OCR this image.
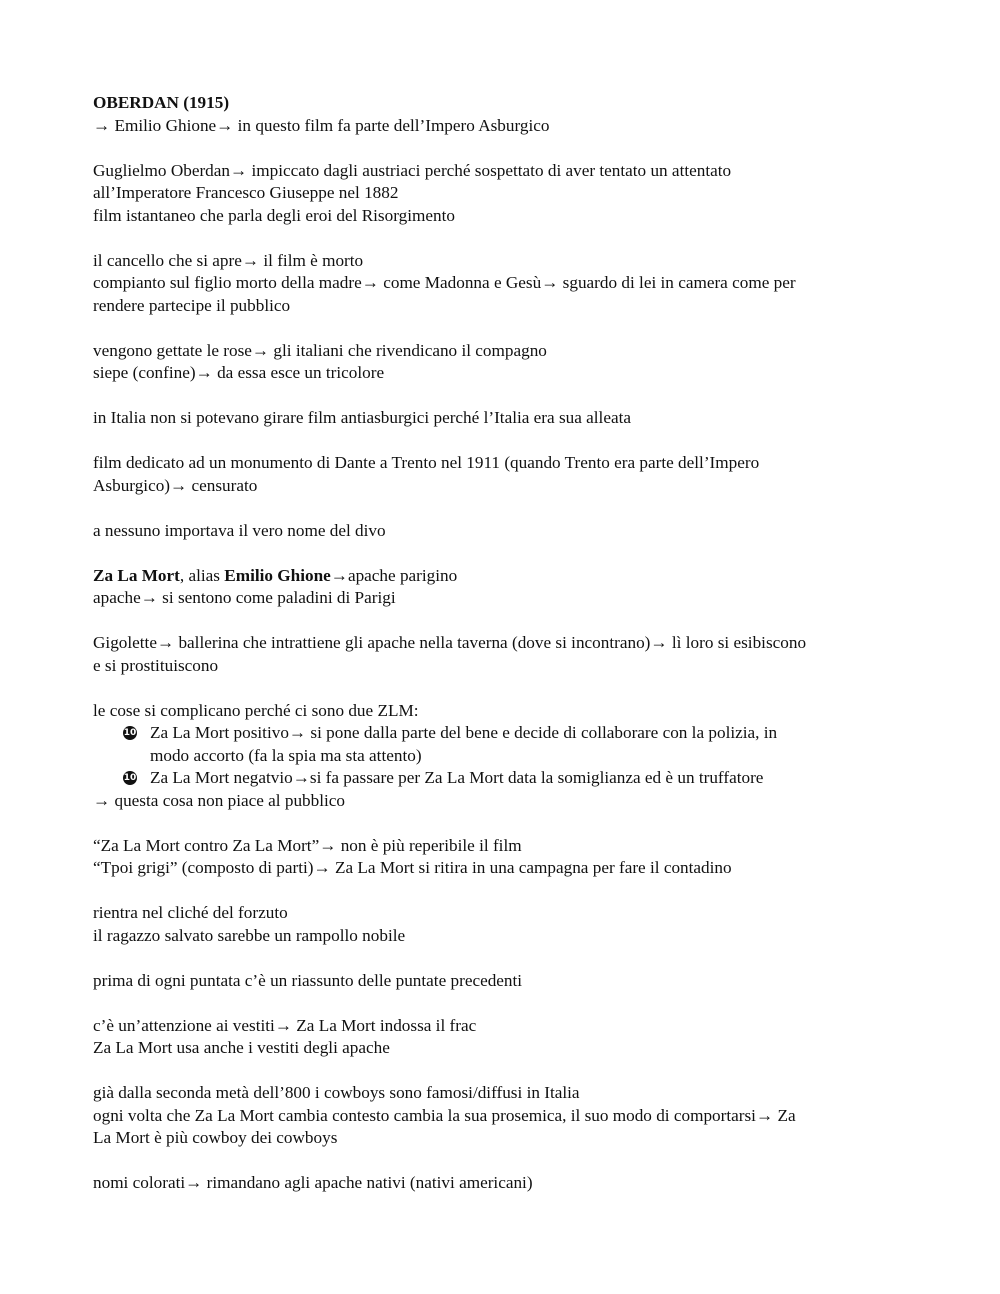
OBERDAN (1915)
→ Emilio Ghione→ in questo film fa parte dell’Impero Asburgico
Guglielmo Oberdan→ impiccato dagli austriaci perché sospettato di aver tentato un attentato
all’Imperatore Francesco Giuseppe nel 1882
film istantaneo che parla degli eroi del Risorgimento
il cancello che si apre→ il film è morto
compianto sul figlio morto della madre→ come Madonna e Gesù→ sguardo di lei in camera come per
rendere partecipe il pubblico
vengono gettate le rose→ gli italiani che rivendicano il compagno
siepe (confine)→ da essa esce un tricolore
in Italia non si potevano girare film antiasburgici perché l’Italia era sua alleata
film dedicato ad un monumento di Dante a Trento nel 1911 (quando Trento era parte dell’Impero
Asburgico)→ censurato
a nessuno importava il vero nome del divo
Za La Mort, alias Emilio Ghione→apache parigino
apache→ si sentono come paladini di Parigi
Gigolette→ ballerina che intrattiene gli apache nella taverna (dove si incontrano)→ lì loro si esibiscono
e si prostituiscono
le cose si complicano perché ci sono due ZLM:
10 Za La Mort positivo→ si pone dalla parte del bene e decide di collaborare con la polizia, in
modo accorto (fa la spia ma sta attento)
10 Za La Mort negatvio→si fa passare per Za La Mort data la somiglianza ed è un truffatore
→ questa cosa non piace al pubblico
“Za La Mort contro Za La Mort”→ non è più reperibile il film
“Tpoi grigi” (composto di parti)→ Za La Mort si ritira in una campagna per fare il contadino
rientra nel cliché del forzuto
il ragazzo salvato sarebbe un rampollo nobile
prima di ogni puntata c’è un riassunto delle puntate precedenti
c’è un’attenzione ai vestiti→ Za La Mort indossa il frac
Za La Mort usa anche i vestiti degli apache
già dalla seconda metà dell’800 i cowboys sono famosi/diffusi in Italia
ogni volta che Za La Mort cambia contesto cambia la sua prosemica, il suo modo di comportarsi→ Za
La Mort è più cowboy dei cowboys
nomi colorati→ rimandano agli apache nativi (nativi americani)
